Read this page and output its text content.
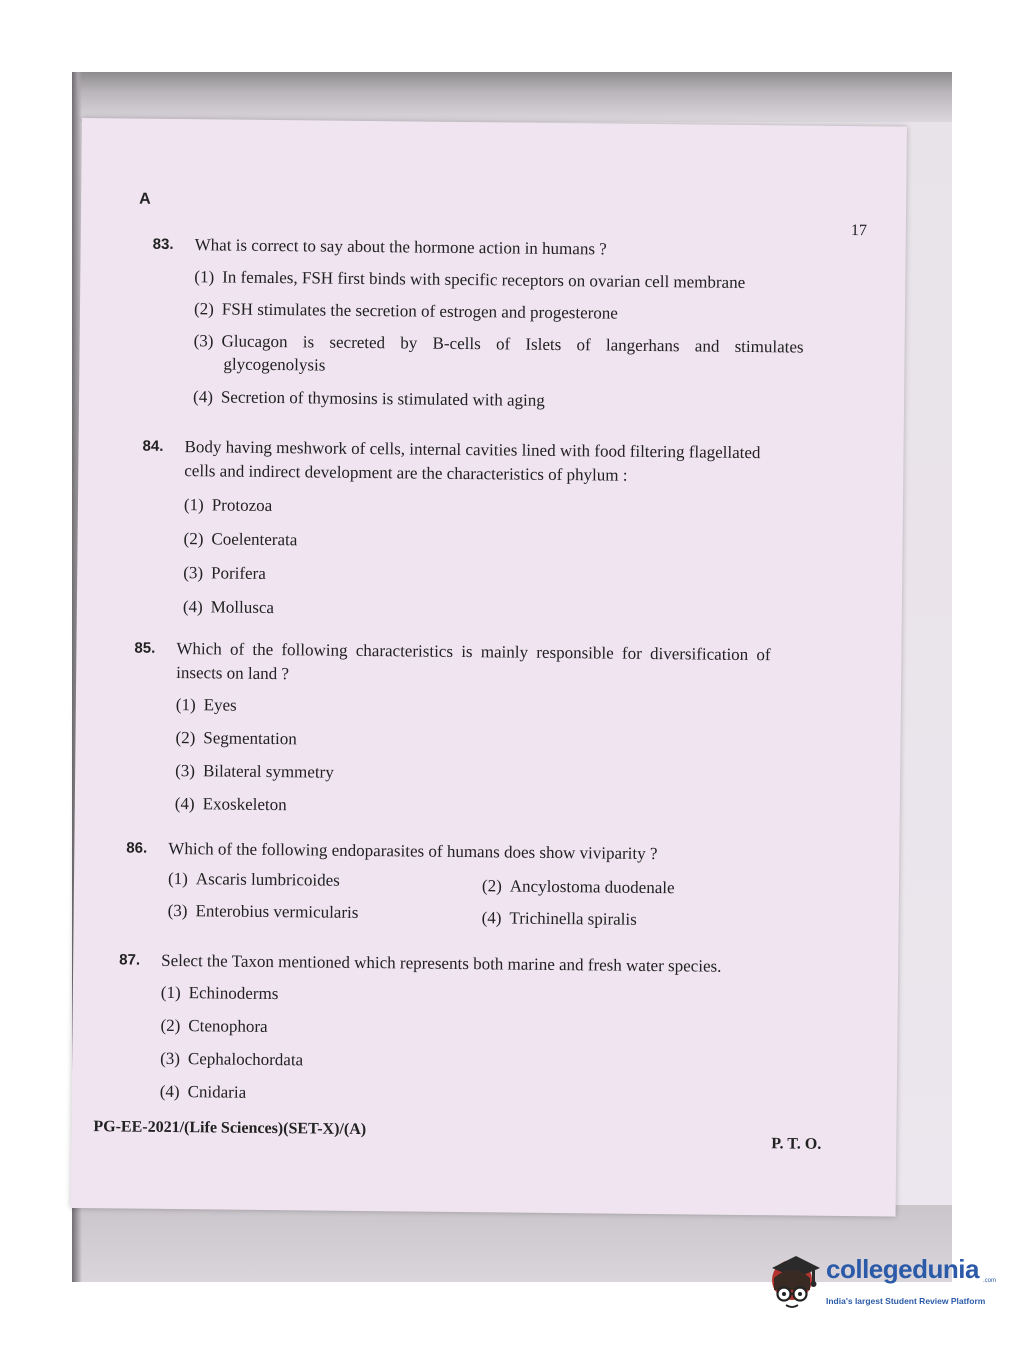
A
17
83. What is correct to say about the hormone action in humans ?
(1) In females, FSH first binds with specific receptors on ovarian cell membrane
(2) FSH stimulates the secretion of estrogen and progesterone
(3) Glucagon is secreted by B-cells of Islets of langerhans and stimulates
glycogenolysis
(4) Secretion of thymosins is stimulated with aging
84. Body having meshwork of cells, internal cavities lined with food filtering flagellated
cells and indirect development are the characteristics of phylum :
(1) Protozoa
(2) Coelenterata
(3) Porifera
(4) Mollusca
85. Which of the following characteristics is mainly responsible for diversification of
insects on land ?
(1) Eyes
(2) Segmentation
(3) Bilateral symmetry
(4) Exoskeleton
86. Which of the following endoparasites of humans does show viviparity ?
(1) Ascaris lumbricoides	(2) Ancylostoma duodenale
(3) Enterobius vermicularis	(4) Trichinella spiralis
87. Select the Taxon mentioned which represents both marine and fresh water species.
(1) Echinoderms
(2) Ctenophora
(3) Cephalochordata
(4) Cnidaria
PG-EE-2021/(Life Sciences)(SET-X)/(A)
P. T. O.
collegedunia .com
India's largest Student Review Platform
